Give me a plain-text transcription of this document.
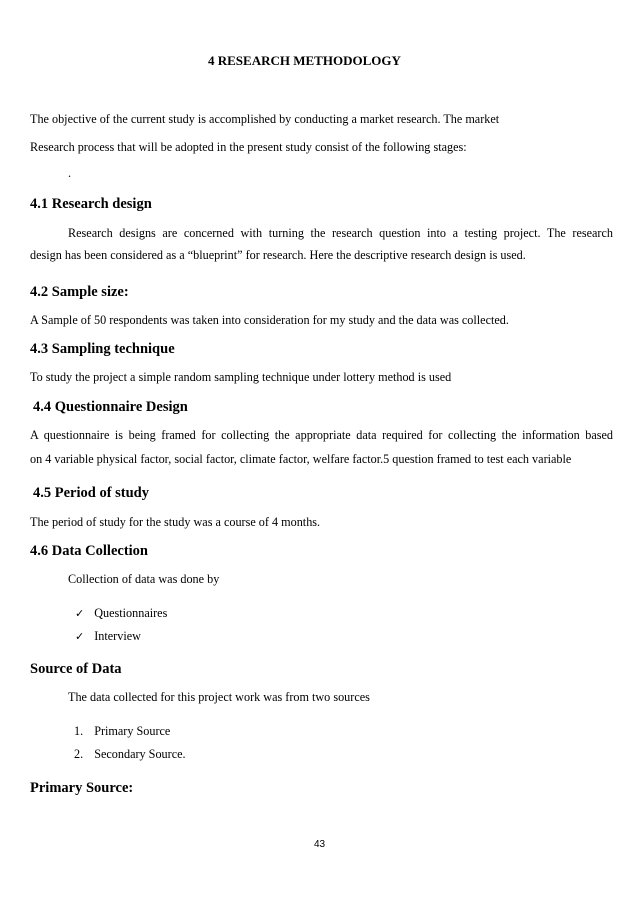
4 RESEARCH METHODOLOGY
The objective of the current study is accomplished by conducting a market research. The market
Research process that will be adopted in the present study consist of the following stages:
.
4.1 Research design
Research designs are concerned with turning the research question into a testing project. The research
design has been considered as a “blueprint” for research. Here the descriptive research design is used.
4.2 Sample size:
A Sample of 50 respondents was taken into consideration for my study and the data was collected.
4.3 Sampling technique
To study the project a simple random sampling technique under lottery method is used
4.4 Questionnaire Design
A questionnaire is being framed for collecting the appropriate data required for collecting the information based
on 4 variable physical factor, social factor, climate factor, welfare factor.5 question framed to test each variable
4.5 Period of study
The period of study for the study was a course of 4 months.
4.6 Data Collection
Collection of data was done by
✓ Questionnaires
✓ Interview
Source of Data
The data collected for this project work was from two sources
1. Primary Source
2. Secondary Source.
Primary Source:
43
